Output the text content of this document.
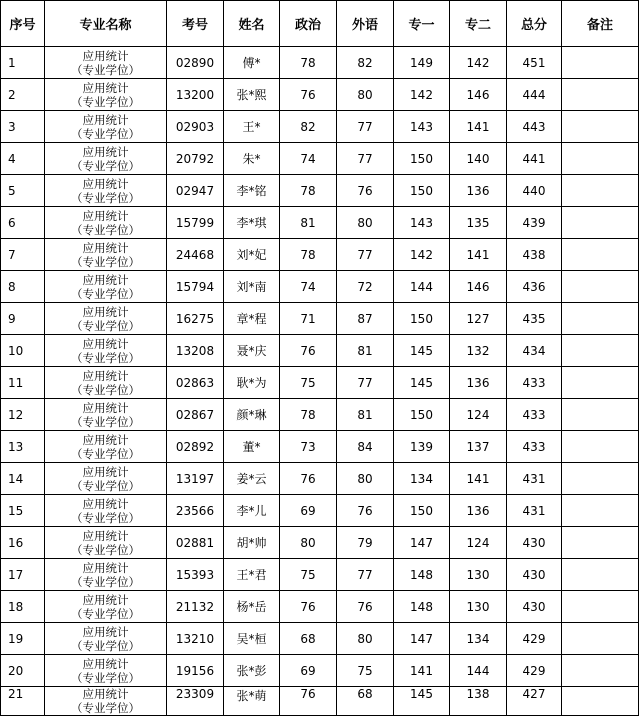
序号	专业名称	考号	姓名	政治	外语	专一	专二	总分	备注
1	应用统计
（专业学位）	02890	傅*	78	82	149	142	451	
2	应用统计
（专业学位）	13200	张*熙	76	80	142	146	444	
3	应用统计
（专业学位）	02903	王*	82	77	143	141	443	
4	应用统计
（专业学位）	20792	朱*	74	77	150	140	441	
5	应用统计
（专业学位）	02947	李*铭	78	76	150	136	440	
6	应用统计
（专业学位）	15799	李*琪	81	80	143	135	439	
7	应用统计
（专业学位）	24468	刘*妃	78	77	142	141	438	
8	应用统计
（专业学位）	15794	刘*南	74	72	144	146	436	
9	应用统计
（专业学位）	16275	章*程	71	87	150	127	435	
10	应用统计
（专业学位）	13208	聂*庆	76	81	145	132	434	
11	应用统计
（专业学位）	02863	耿*为	75	77	145	136	433	
12	应用统计
（专业学位）	02867	颜*琳	78	81	150	124	433	
13	应用统计
（专业学位）	02892	董*	73	84	139	137	433	
14	应用统计
（专业学位）	13197	姜*云	76	80	134	141	431	
15	应用统计
（专业学位）	23566	李*儿	69	76	150	136	431	
16	应用统计
（专业学位）	02881	胡*帅	80	79	147	124	430	
17	应用统计
（专业学位）	15393	王*君	75	77	148	130	430	
18	应用统计
（专业学位）	21132	杨*岳	76	76	148	130	430	
19	应用统计
（专业学位）	13210	吴*桓	68	80	147	134	429	
20	应用统计
（专业学位）	19156	张*彭	69	75	141	144	429	
21	应用统计
（专业学位）	23309	张*萌	76	68	145	138	427	
